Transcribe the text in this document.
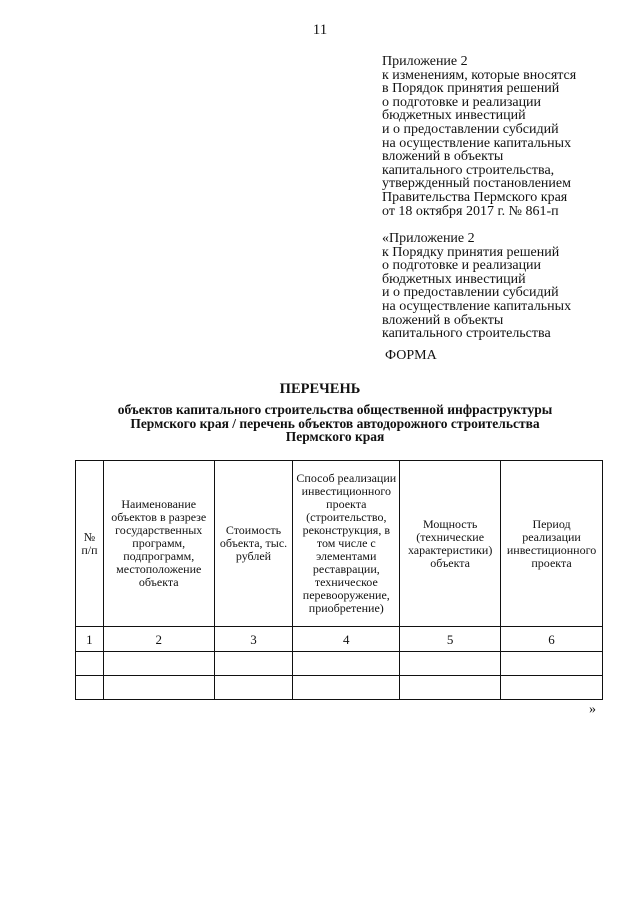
11
Приложение 2
к изменениям, которые вносятся
в Порядок принятия решений
о подготовке и реализации
бюджетных инвестиций
и о предоставлении субсидий
на осуществление капитальных
вложений в объекты
капитального строительства,
утвержденный постановлением
Правительства Пермского края
от 18 октября 2017 г. № 861-п
«Приложение 2
к Порядку принятия решений
о подготовке и реализации
бюджетных инвестиций
и о предоставлении субсидий
на осуществление капитальных
вложений в объекты
капитального строительства
ФОРМА
ПЕРЕЧЕНЬ
объектов капитального строительства общественной инфраструктуры
Пермского края / перечень объектов автодорожного строительства
Пермского края
№ п/п	Наименование объектов в разрезе государственных программ, подпрограмм, местоположение объекта	Стоимость объекта, тыс. рублей	Способ реализации инвестиционного проекта (строительство, реконструкция, в том числе с элементами реставрации, техническое перевооружение, приобретение)	Мощность (технические характеристики) объекта	Период реализации инвестиционного проекта
1	2	3	4	5	6

»
